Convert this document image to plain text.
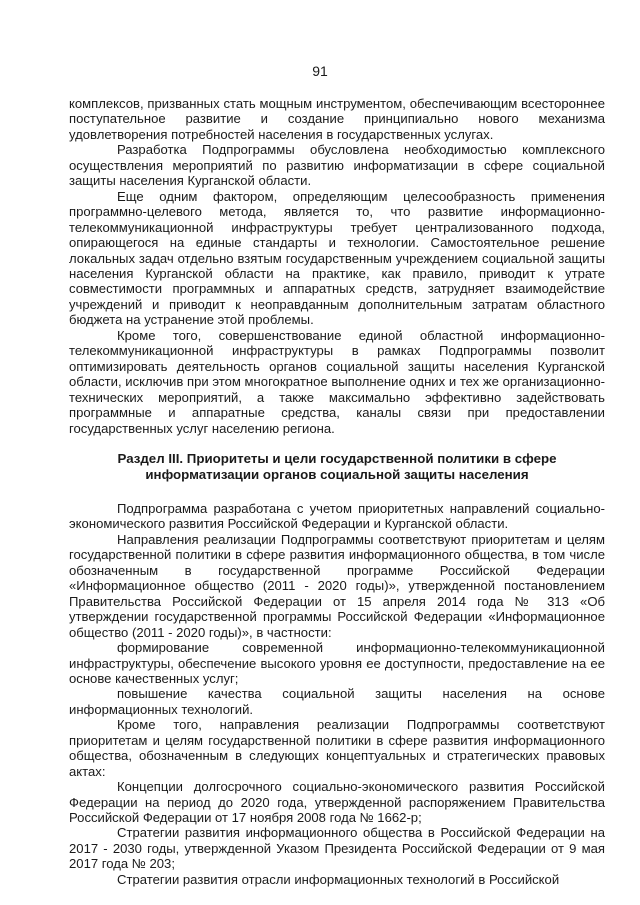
91

комплексов, призванных стать мощным инструментом, обеспечивающим всестороннее поступательное развитие и создание принципиально нового механизма удовлетворения потребностей населения в государственных услугах.

Разработка Подпрограммы обусловлена необходимостью комплексного осуществления мероприятий по развитию информатизации в сфере социальной защиты населения Курганской области.

Еще одним фактором, определяющим целесообразность применения программно-целевого метода, является то, что развитие информационно-телекоммуникационной инфраструктуры требует централизованного подхода, опирающегося на единые стандарты и технологии. Самостоятельное решение локальных задач отдельно взятым государственным учреждением социальной защиты населения Курганской области на практике, как правило, приводит к утрате совместимости программных и аппаратных средств, затрудняет взаимодействие учреждений и приводит к неоправданным дополнительным затратам областного бюджета на устранение этой проблемы.

Кроме того, совершенствование единой областной информационно-телекоммуникационной инфраструктуры в рамках Подпрограммы позволит оптимизировать деятельность органов социальной защиты населения Курганской области, исключив при этом многократное выполнение одних и тех же организационно-технических мероприятий, а также максимально эффективно задействовать программные и аппаратные средства, каналы связи при предоставлении государственных услуг населению региона.

Раздел III. Приоритеты и цели государственной политики в сфере
информатизации органов социальной защиты населения

Подпрограмма разработана с учетом приоритетных направлений социально-экономического развития Российской Федерации и Курганской области.

Направления реализации Подпрограммы соответствуют приоритетам и целям государственной политики в сфере развития информационного общества, в том числе обозначенным в государственной программе Российской Федерации «Информационное общество (2011 - 2020 годы)», утвержденной постановлением Правительства Российской Федерации от 15 апреля 2014 года № 313 «Об утверждении государственной программы Российской Федерации «Информационное общество (2011 - 2020 годы)», в частности:

формирование современной информационно-телекоммуникационной инфраструктуры, обеспечение высокого уровня ее доступности, предоставление на ее основе качественных услуг;

повышение качества социальной защиты населения на основе информационных технологий.

Кроме того, направления реализации Подпрограммы соответствуют приоритетам и целям государственной политики в сфере развития информационного общества, обозначенным в следующих концептуальных и стратегических правовых актах:

Концепции долгосрочного социально-экономического развития Российской Федерации на период до 2020 года, утвержденной распоряжением Правительства Российской Федерации от 17 ноября 2008 года № 1662-р;

Стратегии развития информационного общества в Российской Федерации на 2017 - 2030 годы, утвержденной Указом Президента Российской Федерации от 9 мая 2017 года № 203;

Стратегии развития отрасли информационных технологий в Российской
